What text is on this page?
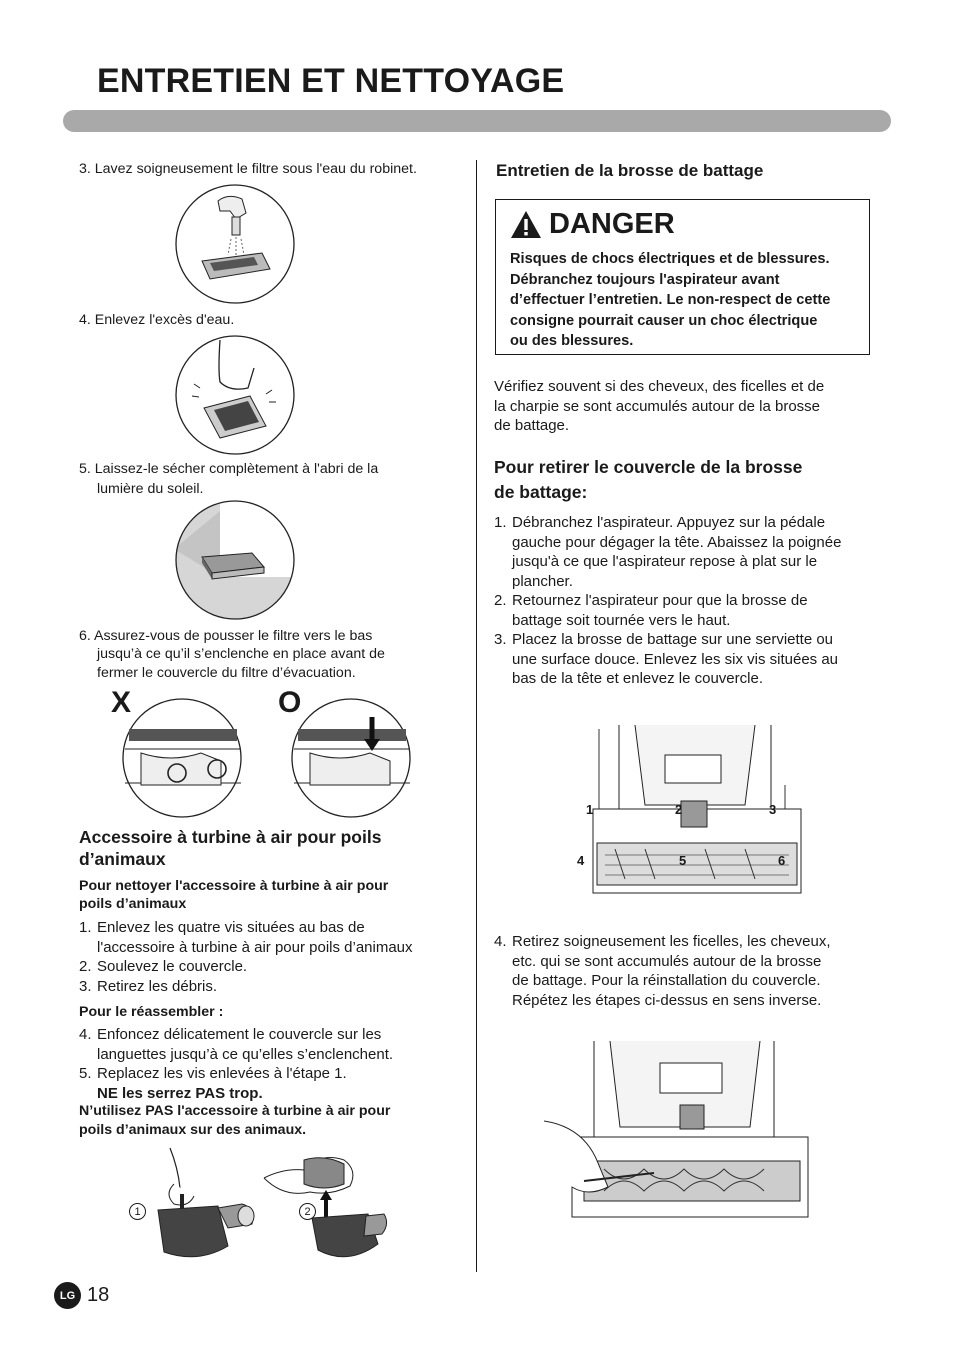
ENTRETIEN ET NETTOYAGE

3. Lavez soigneusement le filtre sous l'eau du robinet.

4. Enlevez l'excès d'eau.

5. Laissez-le sécher complètement à l'abri de la

lumière du soleil.

6. Assurez-vous de pousser le filtre vers le bas

jusqu’à ce qu’il s’enclenche en place avant de

fermer le couvercle du filtre d’évacuation.

X	O
Accessoire à turbine à air pour poils
d’animaux

Pour nettoyer l'accessoire à turbine à air pour

poils d’animaux

1. Enlevez les quatre vis situées au bas de
l'accessoire à turbine à air pour poils d’animaux
2. Soulevez le couvercle.
3. Retirez les débris.

Pour le réassembler :

4. Enfoncez délicatement le couvercle sur les
languettes jusqu’à ce qu’elles s’enclenchent.
5. Replacez les vis enlevées à l'étape 1.
NE les serrez PAS trop.

N’utilisez PAS l'accessoire à turbine à air pour

poils d’animaux sur des animaux.

1	2
Entretien de la brosse de battage
DANGER
Risques de chocs électriques et de blessures.
Débranchez toujours l'aspirateur avant
d’effectuer l’entretien. Le non-respect de cette
consigne pourrait causer un choc électrique
ou des blessures.
Vérifiez souvent si des cheveux, des ficelles et de
la charpie se sont accumulés autour de la brosse
de battage.
Pour retirer le couvercle de la brosse
de battage:
1. Débranchez l'aspirateur. Appuyez sur la pédale
gauche pour dégager la tête. Abaissez la poignée
jusqu'à ce que l'aspirateur repose à plat sur le
plancher.
2. Retournez l'aspirateur pour que la brosse de
battage soit tournée vers le haut.
3. Placez la brosse de battage sur une serviette ou
une surface douce. Enlevez les six vis situées au
bas de la tête et enlevez le couvercle.
1	2	3
4	5	6
4. Retirez soigneusement les ficelles, les cheveux,
etc. qui se sont accumulés autour de la brosse
de battage. Pour la réinstallation du couvercle.
Répétez les étapes ci-dessus en sens inverse.
LG 18
